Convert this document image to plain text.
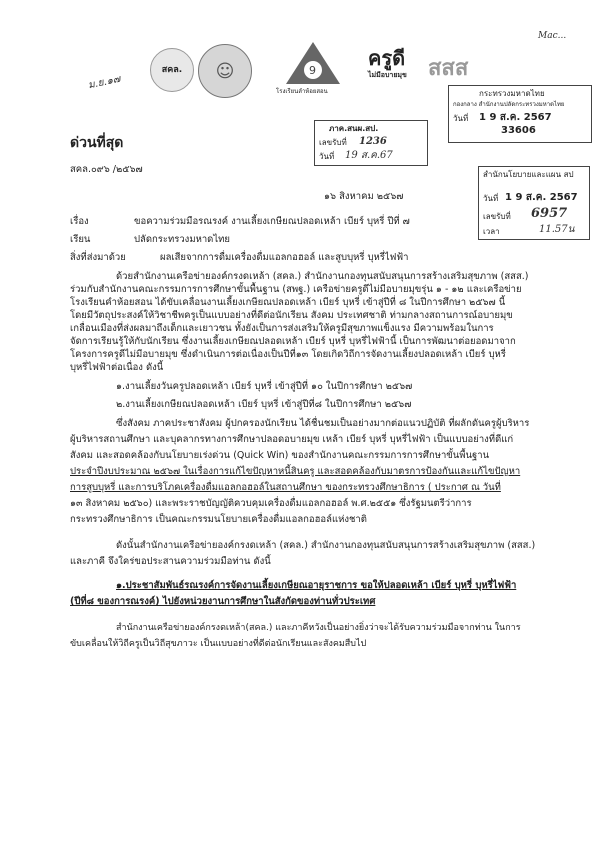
Mac...
ม.ย.๑๗
สคล. ☺	9
โรงเรียนลำห้อยสอน
ครูดี
ไม่มีอบายมุข สสส
ภาค.สนผ.สป.
เลขรับที่ 1236
วันที่ 19 ส.ค.67
กระทรวงมหาดไทย
กองกลาง สำนักงานปลัดกระทรวงมหาดไทย
วันที่ 1 9 ส.ค. 2567
33606
ด่วนที่สุด
สคล.๐๙๖ /๒๕๖๗
๑๖ สิงหาคม ๒๕๖๗
สำนักนโยบายและแผน สป
วันที่ 1 9 ส.ค. 2567
เลขรับที่ 6957
เวลา	11.57น
เรื่อง	ขอความร่วมมือรณรงค์ งานเลี้ยงเกษียณปลอดเหล้า เบียร์ บุหรี่ ปีที่ ๗
เรียน	ปลัดกระทรวงมหาดไทย
สิ่งที่ส่งมาด้วย	ผลเสียจากการดื่มเครื่องดื่มแอลกอฮอล์ และสูบบุหรี่ บุหรี่ไฟฟ้า
ด้วยสำนักงานเครือข่ายองค์กรงดเหล้า (สคล.) สำนักงานกองทุนสนับสนุนการสร้างเสริมสุขภาพ (สสส.)
ร่วมกับสำนักงานคณะกรรมการการศึกษาขั้นพื้นฐาน (สพฐ.) เครือข่ายครูดีไม่มีอบายมุขรุ่น ๑ - ๑๒ และเครือข่าย
โรงเรียนคำห้อยสอน ได้ขับเคลื่อนงานเลี้ยงเกษียณปลอดเหล้า เบียร์ บุหรี่ เข้าสู่ปีที่ ๘ ในปีการศึกษา ๒๕๖๗ นี้
โดยมีวัตถุประสงค์ให้วิชาชีพครูเป็นแบบอย่างที่ดีต่อนักเรียน สังคม ประเทศชาติ ท่ามกลางสถานการณ์อบายมุข
เกลื่อนเมืองที่ส่งผลมาถึงเด็กและเยาวชน ทั้งยังเป็นการส่งเสริมให้ครูมีสุขภาพแข็งแรง มีความพร้อมในการ
จัดการเรียนรู้ให้กับนักเรียน ซึ่งงานเลี้ยงเกษียณปลอดเหล้า เบียร์ บุหรี่ บุหรี่ไฟฟ้านี้ เป็นการพัฒนาต่อยอดมาจาก
โครงการครูดีไม่มีอบายมุข ซึ่งดำเนินการต่อเนื่องเป็นปีที่๑๓ โดยเกิดวิถีการจัดงานเลี้ยงปลอดเหล้า เบียร์ บุหรี่
บุหรี่ไฟฟ้าต่อเนื่อง ดังนี้
๑.งานเลี้ยงวันครูปลอดเหล้า เบียร์ บุหรี่ เข้าสู่ปีที่ ๑๐ ในปีการศึกษา ๒๕๖๗
๒.งานเลี้ยงเกษียณปลอดเหล้า เบียร์ บุหรี่ เข้าสู่ปีที่๘ ในปีการศึกษา ๒๕๖๗
ซึ่งสังคม ภาคประชาสังคม ผู้ปกครองนักเรียน ได้ชื่นชมเป็นอย่างมากต่อแนวปฏิบัติ ที่ผลักดันครูผู้บริหาร
ผู้บริหารสถานศึกษา และบุคลากรทางการศึกษาปลอดอบายมุข เหล้า เบียร์ บุหรี่ บุหรี่ไฟฟ้า เป็นแบบอย่างที่ดีแก่
สังคม และสอดคล้องกับนโยบายเร่งด่วน (Quick Win) ของสำนักงานคณะกรรมการการศึกษาขั้นพื้นฐาน
ประจำปีงบประมาณ ๒๕๖๗ ในเรื่องการแก้ไขปัญหาหนี้สินครู และสอดคล้องกับมาตรการป้องกันและแก้ไขปัญหา
การสูบบุหรี่ และการบริโภคเครื่องดื่มแอลกอฮอล์ในสถานศึกษา ของกระทรวงศึกษาธิการ ( ประกาศ ณ วันที่
๑๓ สิงหาคม ๒๕๖๐) และพระราชบัญญัติควบคุมเครื่องดื่มแอลกอฮอล์ พ.ศ.๒๕๕๑ ซึ่งรัฐมนตรีว่าการ
กระทรวงศึกษาธิการ เป็นคณะกรรมนโยบายเครื่องดื่มแอลกอฮอล์แห่งชาติ
ดังนั้นสำนักงานเครือข่ายองค์กรงดเหล้า (สคล.) สำนักงานกองทุนสนับสนุนการสร้างเสริมสุขภาพ (สสส.)
และภาคี จึงใคร่ขอประสานความร่วมมือท่าน ดังนี้
๑.ประชาสัมพันธ์รณรงค์การจัดงานเลี้ยงเกษียณอายุราชการ ขอให้ปลอดเหล้า เบียร์ บุหรี่ บุหรี่ไฟฟ้า
(ปีที่๘ ของการณรงค์) ไปยังหน่วยงานการศึกษาในสังกัดของท่านทั่วประเทศ
สำนักงานเครือข่ายองค์กรงดเหล้า(สคล.) และภาคีหวังเป็นอย่างยิ่งว่าจะได้รับความร่วมมือจากท่าน ในการ
ขับเคลื่อนให้วิถีครูเป็นวิถีสุขภาวะ เป็นแบบอย่างที่ดีต่อนักเรียนและสังคมสืบไป
